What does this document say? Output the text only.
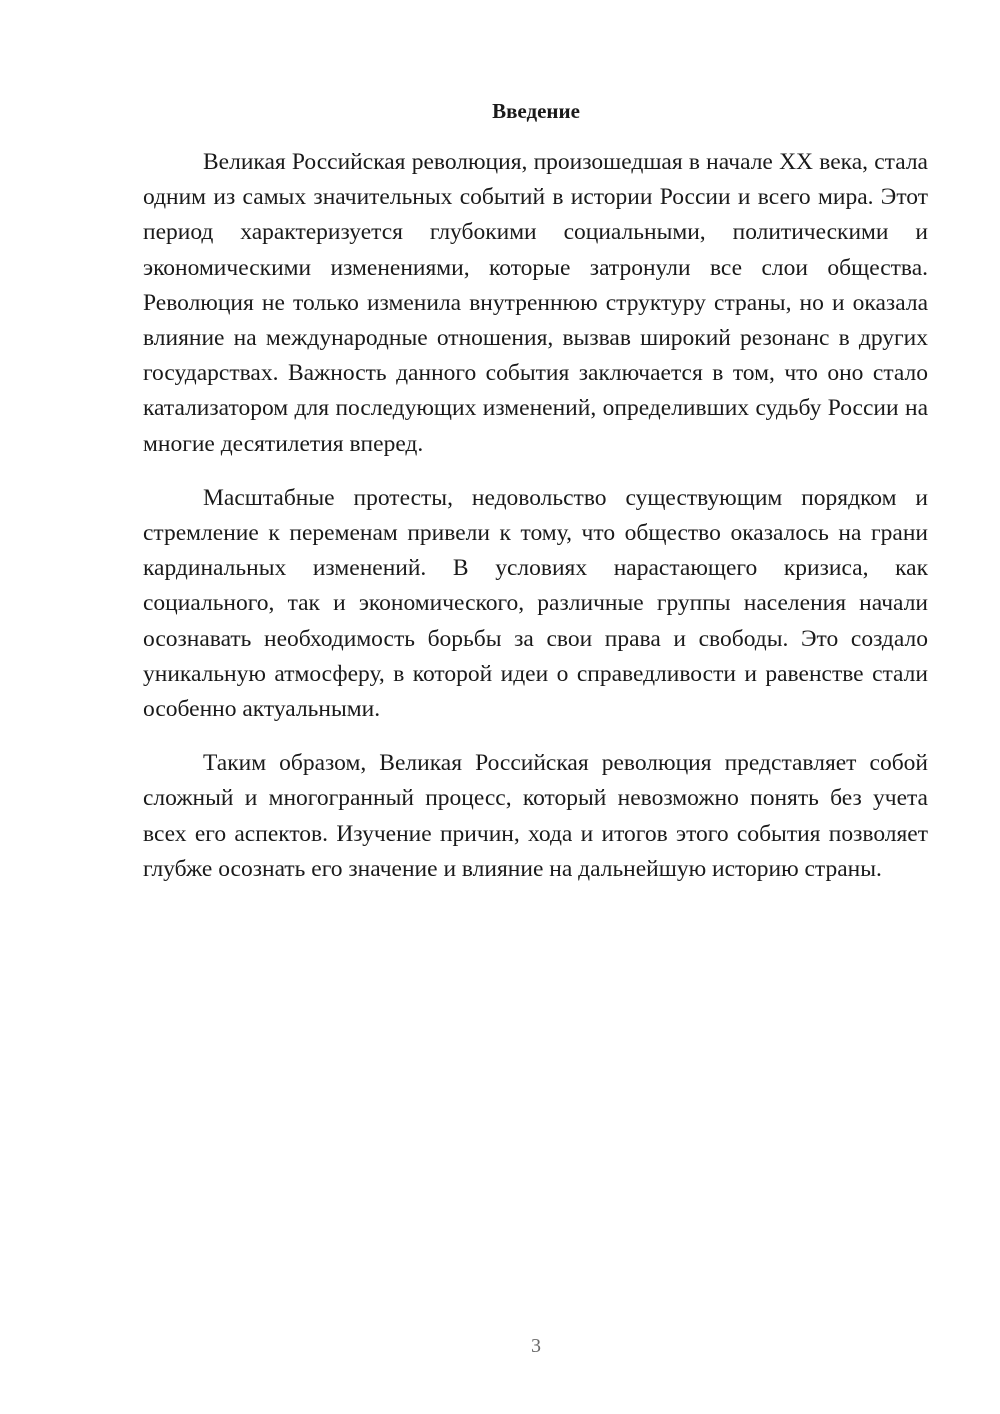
Введение

Великая Российская революция, произошедшая в начале XX века, стала одним из самых значительных событий в истории России и всего мира. Этот период характеризуется глубокими социальными, политическими и экономическими изменениями, которые затронули все слои общества. Революция не только изменила внутреннюю структуру страны, но и оказала влияние на международные отношения, вызвав широкий резонанс в других государствах. Важность данного события заключается в том, что оно стало катализатором для последующих изменений, определивших судьбу России на многие десятилетия вперед.

Масштабные протесты, недовольство существующим порядком и стремление к переменам привели к тому, что общество оказалось на грани кардинальных изменений. В условиях нарастающего кризиса, как социального, так и экономического, различные группы населения начали осознавать необходимость борьбы за свои права и свободы. Это создало уникальную атмосферу, в которой идеи о справедливости и равенстве стали особенно актуальными.

Таким образом, Великая Российская революция представляет собой сложный и многогранный процесс, который невозможно понять без учета всех его аспектов. Изучение причин, хода и итогов этого события позволяет глубже осознать его значение и влияние на дальнейшую историю страны.

3
